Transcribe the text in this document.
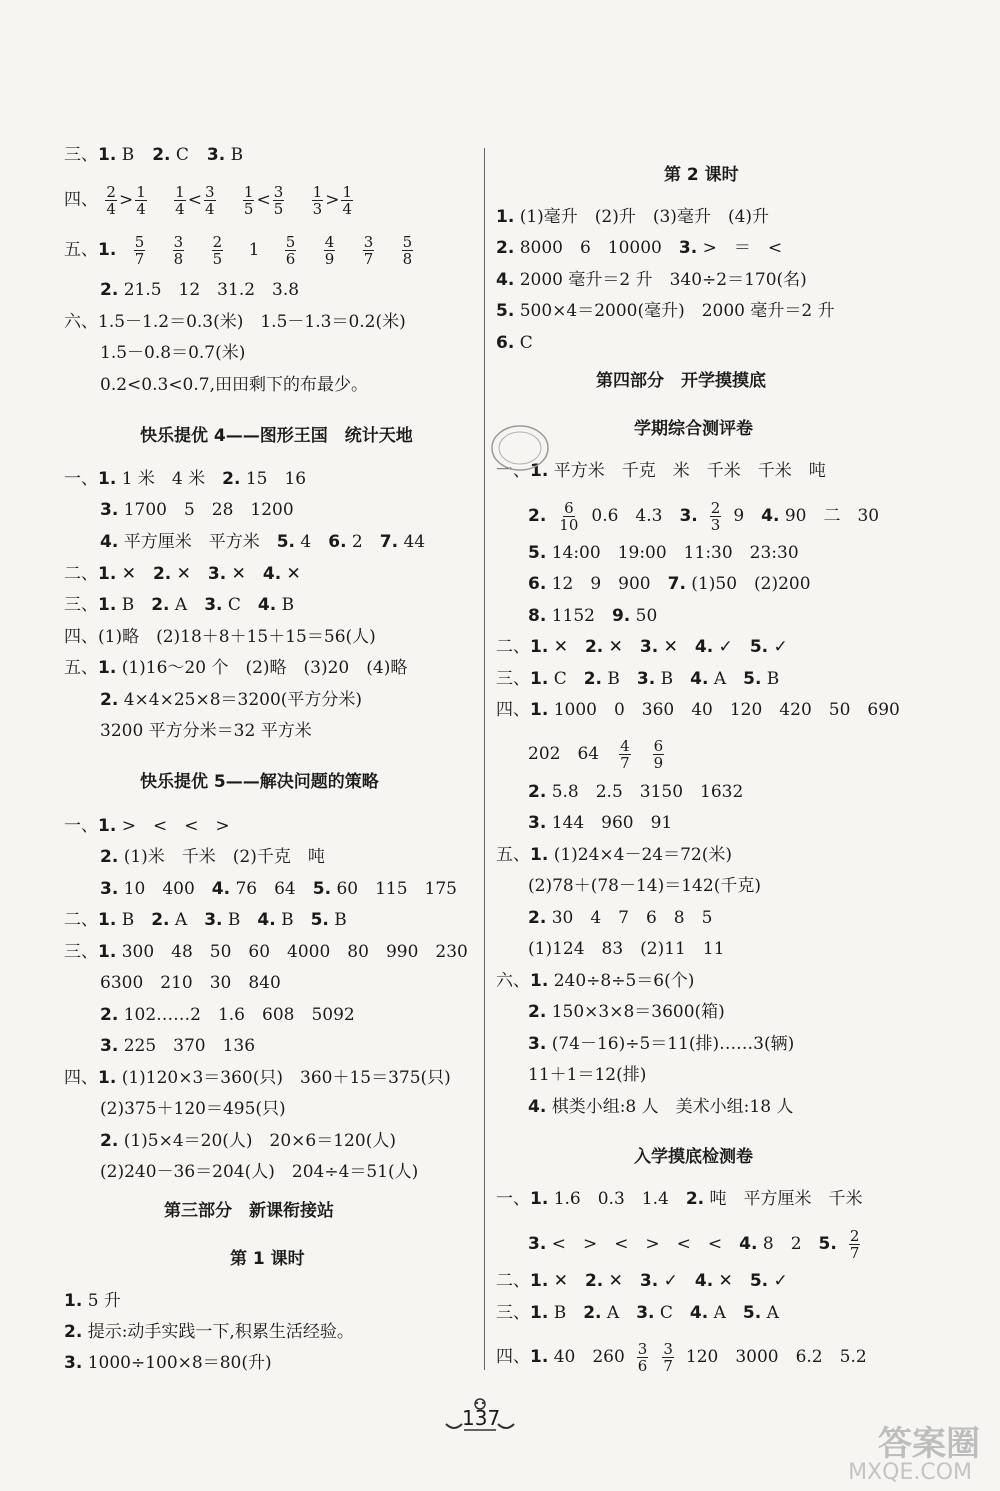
三、1. B 2. C 3. B
四、 $\frac{2}{4} > \frac{1}{4}$
$\frac{1}{4} < \frac{3}{4}$
$\frac{1}{5} < \frac{3}{5}$
$\frac{1}{3} > \frac{1}{4}$
五、1. $\frac{5}{7}$
$\frac{3}{8}$
$\frac{2}{5} 1 \frac{5}{6}$
$\frac{4}{9}$
$\frac{3}{7}$
$\frac{5}{8}$
2. 21.5　12　31.2　3.8
六、1.5－1.2＝0.3(米)　1.5－1.3＝0.2(米)
1.5－0.8＝0.7(米)
0.2<0.3<0.7,田田剩下的布最少。
快乐提优 4——图形王国　统计天地
一、1. 1 米　4 米　2. 15　16
3. 1700　5　28　1200
4. 平方厘米　平方米　5. 4　6. 2　7. 44
二、1. ✕　2. ✕　3. ✕　4. ✕
三、1. B　2. A　3. C　4. B
四、(1)略　(2)18＋8＋15＋15＝56(人)
五、1. (1)16～20 个　(2)略　(3)20　(4)略
2. 4×4×25×8＝3200(平方分米)
3200 平方分米＝32 平方米
快乐提优 5——解决问题的策略
一、1. >　<　<　>
2. (1)米　千米　(2)千克　吨
3. 10　400　4. 76　64　5. 60　115　175
二、1. B　2. A　3. B　4. B　5. B
三、1. 300　48　50　60　4000　80　990　230
6300　210　30　840
2. 102……2　1.6　608　5092
3. 225　370　136
四、1. (1)120×3＝360(只)　360＋15＝375(只)
(2)375＋120＝495(只)
2. (1)5×4＝20(人)　20×6＝120(人)
(2)240－36＝204(人)　204÷4＝51(人)
第三部分　新课衔接站
第 1 课时
1. 5 升
2. 提示:动手实践一下,积累生活经验。
3. 1000÷100×8＝80(升)
第 2 课时
1. (1)毫升　(2)升　(3)毫升　(4)升
2. 8000　6　10000　3. >　＝　<
4. 2000 毫升＝2 升　340÷2＝170(名)
5. 500×4＝2000(毫升)　2000 毫升＝2 升
6. C
第四部分　开学摸摸底
学期综合测评卷
一、1. 平方米　千克　米　千米　千米　吨
2. $\frac{6}{10} 0.6$　4.3　3. $\frac{2}{3} 9$　4. 90　二　30
5. 14:00　19:00　11:30　23:30
6. 12　9　900　7. (1)50　(2)200
8. 1152　9. 50
二、1. ✕　2. ✕　3. ✕　4. ✓　5. ✓
三、1. C　2. B　3. B　4. A　5. B
四、1. 1000　0　360　40　120　420　50　690
202　$64 \frac{4}{7} \frac{6}{9}$
2. 5.8　2.5　3150　1632
3. 144　960　91
五、1. (1)24×4－24＝72(米)
(2)78＋(78－14)＝142(千克)
2. 30　4　7　6　8　5
(1)124　83　(2)11　11
六、1. 240÷8÷5＝6(个)
2. 150×3×8＝3600(箱)
3. (74－16)÷5＝11(排)……3(辆)
11＋1＝12(排)
4. 棋类小组:8 人　美术小组:18 人
入学摸底检测卷
一、1. 1.6　0.3　1.4　2. 吨　平方厘米　千米
3. <　>　<　>　<　<　4. 8　2　5. $\frac{2}{7}$
二、1. ✕　2. ✕　3. ✓　4. ✕　5. ✓
三、1. B　2. A　3. C　4. A　5. A
四、1. 40　$260 \frac{3}{6} \frac{3}{7} 120$　3000　6.2　5.2
137
答案圈
MXQE.COM
